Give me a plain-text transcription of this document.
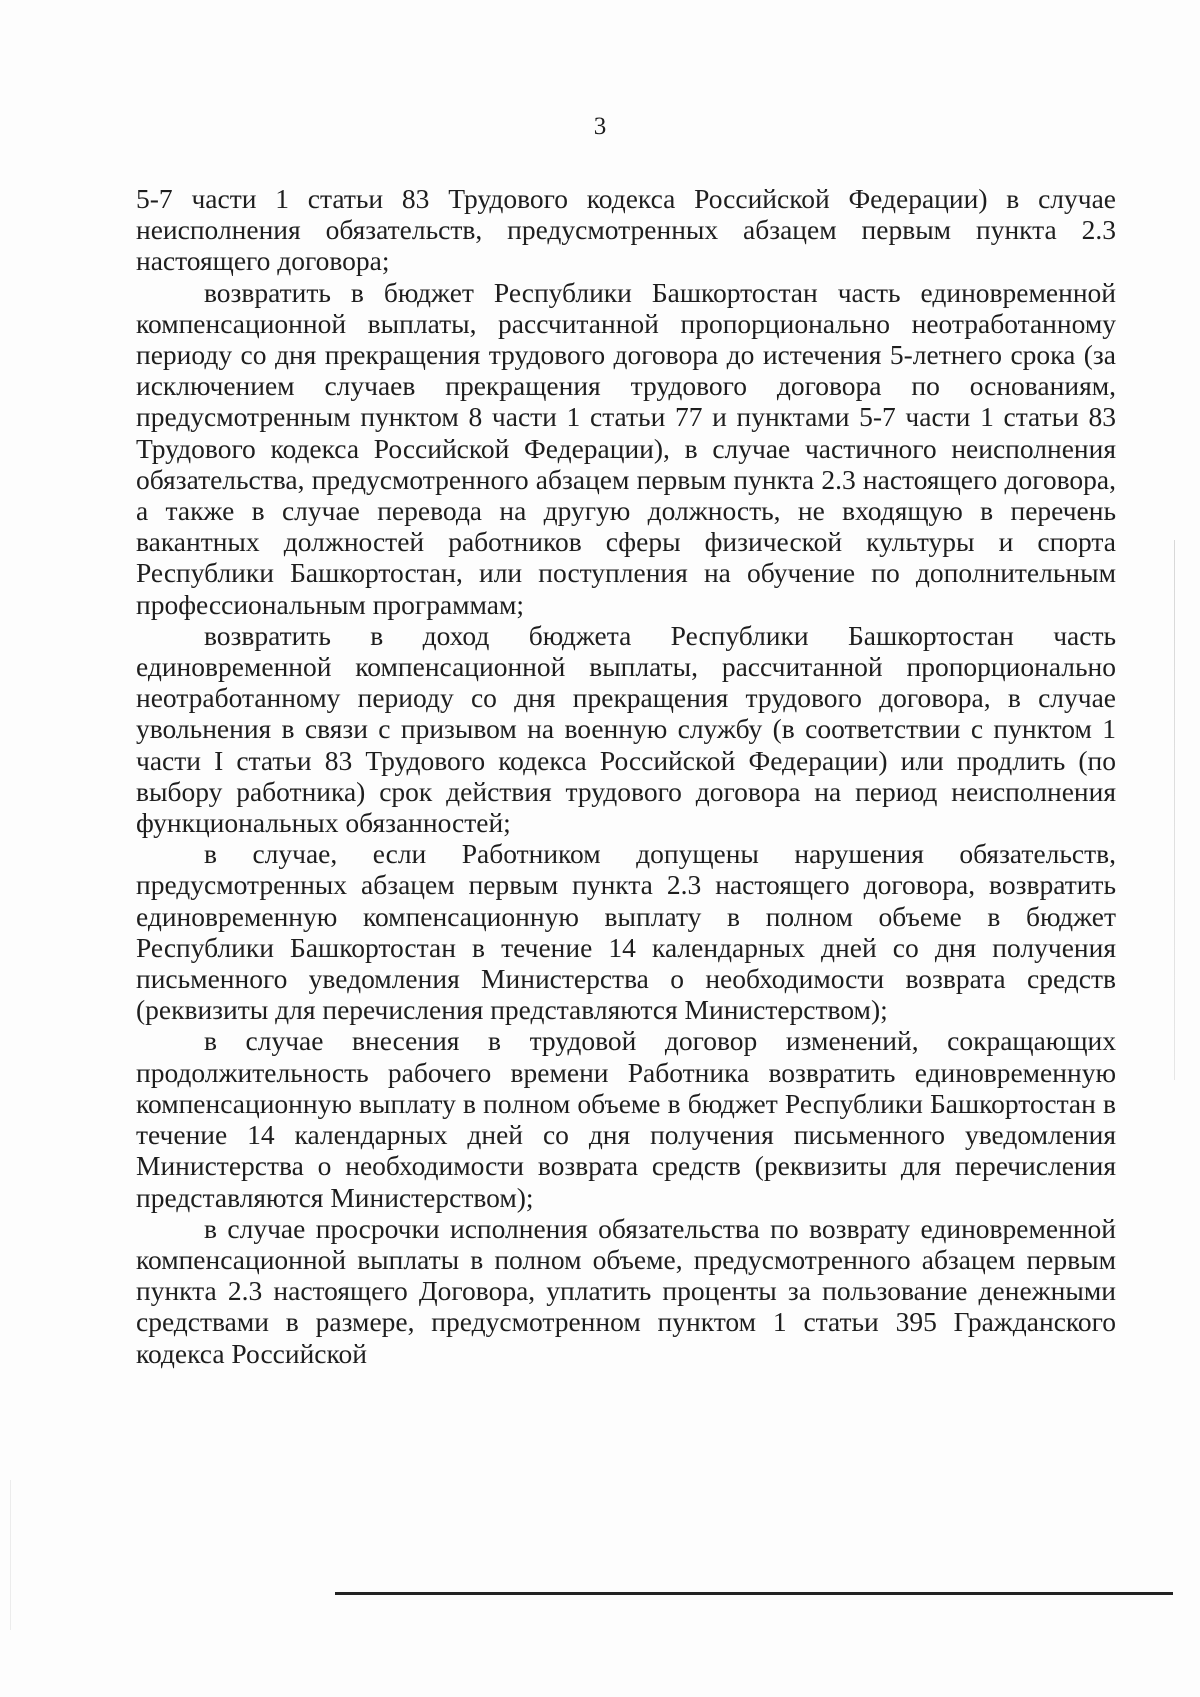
3

5-7 части 1 статьи 83 Трудового кодекса Российской Федерации) в случае неисполнения обязательств, предусмотренных абзацем первым пункта 2.3 настоящего договора;

возвратить в бюджет Республики Башкортостан часть единовременной компенсационной выплаты, рассчитанной пропорционально неотработанному периоду со дня прекращения трудового договора до истечения 5-летнего срока (за исключением случаев прекращения трудового договора по основаниям, предусмотренным пунктом 8 части 1 статьи 77 и пунктами 5-7 части 1 статьи 83 Трудового кодекса Российской Федерации), в случае частичного неисполнения обязательства, предусмотренного абзацем первым пункта 2.3 настоящего договора, а также в случае перевода на другую должность, не входящую в перечень вакантных должностей работников сферы физической культуры и спорта Республики Башкортостан, или поступления на обучение по дополнительным профессиональным программам;

возвратить в доход бюджета Республики Башкортостан часть единовременной компенсационной выплаты, рассчитанной пропорционально неотработанному периоду со дня прекращения трудового договора, в случае увольнения в связи с призывом на военную службу (в соответствии с пунктом 1 части I статьи 83 Трудового кодекса Российской Федерации) или продлить (по выбору работника) срок действия трудового договора на период неисполнения функциональных обязанностей;

в случае, если Работником допущены нарушения обязательств, предусмотренных абзацем первым пункта 2.3 настоящего договора, возвратить единовременную компенсационную выплату в полном объеме в бюджет Республики Башкортостан в течение 14 календарных дней со дня получения письменного уведомления Министерства о необходимости возврата средств (реквизиты для перечисления представляются Министерством);

в случае внесения в трудовой договор изменений, сокращающих продолжительность рабочего времени Работника возвратить единовременную компенсационную выплату в полном объеме в бюджет Республики Башкортостан в течение 14 календарных дней со дня получения письменного уведомления Министерства о необходимости возврата средств (реквизиты для перечисления представляются Министерством);

в случае просрочки исполнения обязательства по возврату единовременной компенсационной выплаты в полном объеме, предусмотренного абзацем первым пункта 2.3 настоящего Договора, уплатить проценты за пользование денежными средствами в размере, предусмотренном пунктом 1 статьи 395 Гражданского кодекса Российской
